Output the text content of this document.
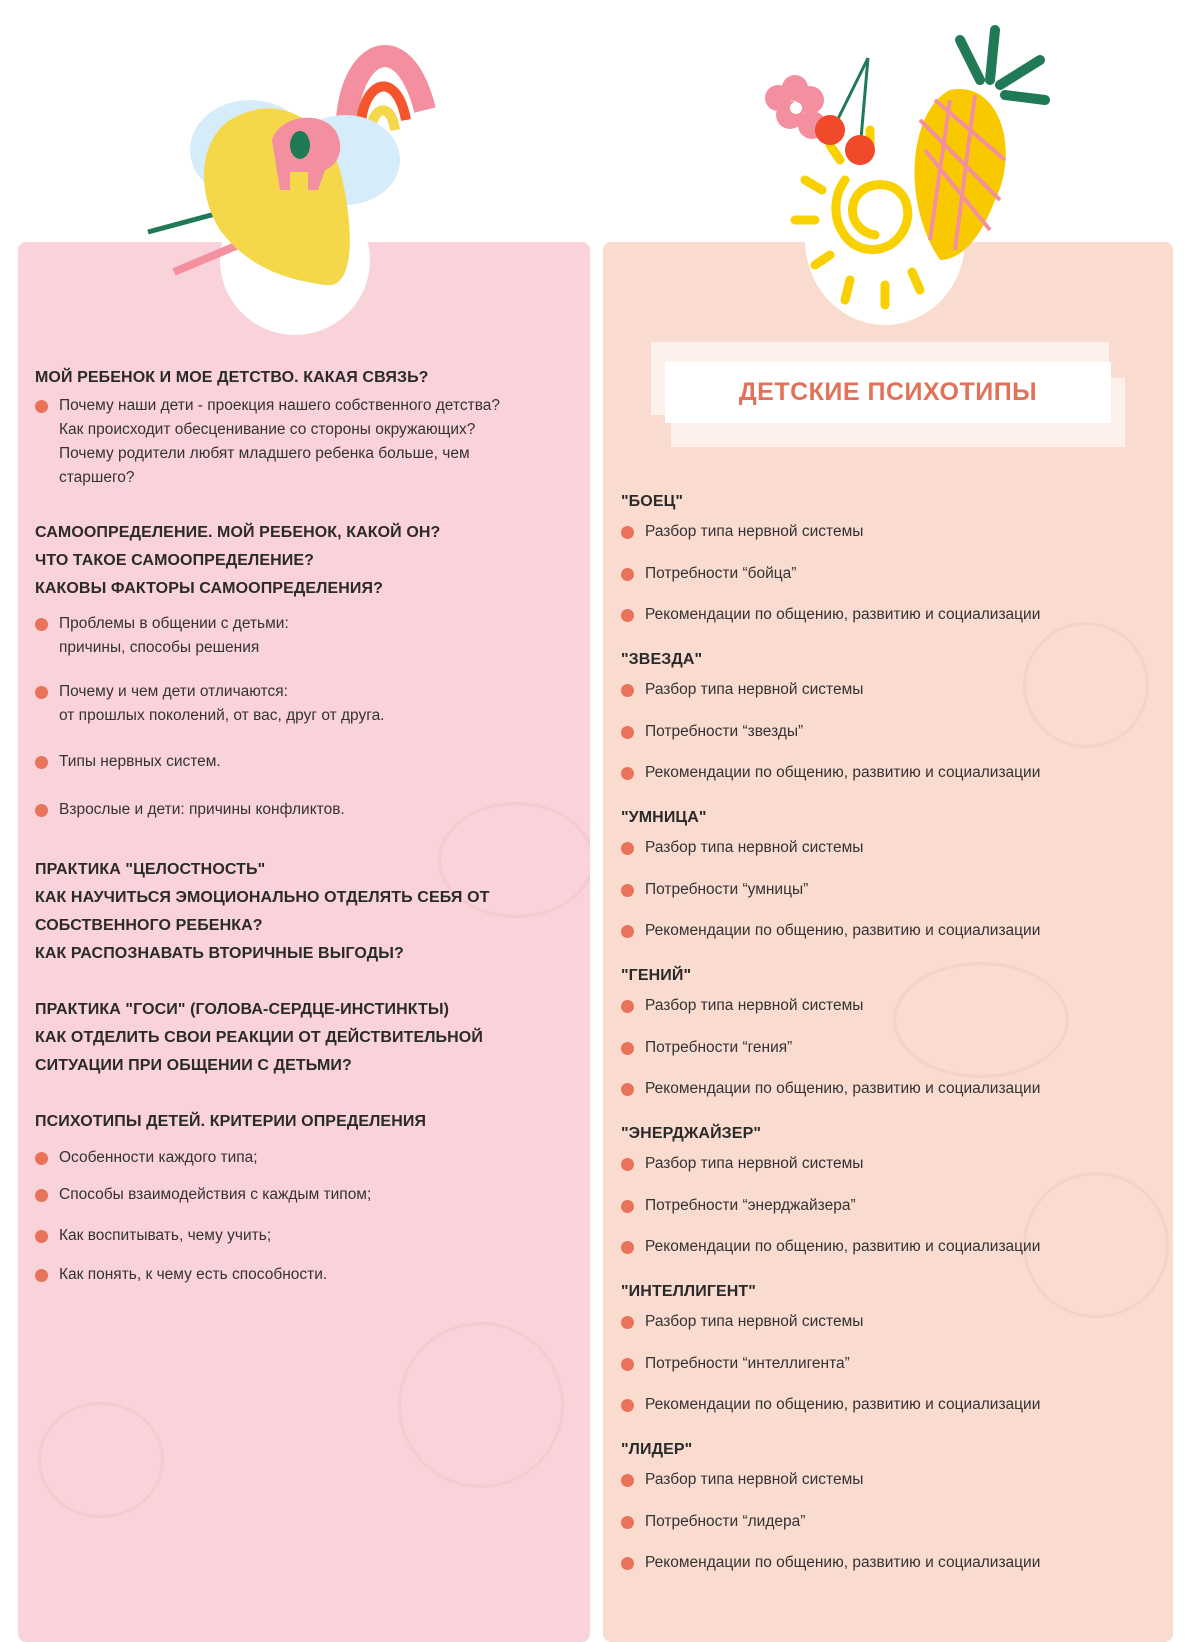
МОЙ РЕБЕНОК И МОЕ ДЕТСТВО. КАКАЯ СВЯЗЬ?
Почему наши дети - проекция нашего собственного детства?
Как происходит обесценивание со стороны окружающих?
Почему родители любят младшего ребенка больше, чем
старшего?
САМООПРЕДЕЛЕНИЕ. МОЙ РЕБЕНОК, КАКОЙ ОН?
ЧТО ТАКОЕ САМООПРЕДЕЛЕНИЕ?
КАКОВЫ ФАКТОРЫ САМООПРЕДЕЛЕНИЯ?
Проблемы в общении с детьми:
причины, способы решения
Почему и чем дети отличаются:
от прошлых поколений, от вас, друг от друга.
Типы нервных систем.
Взрослые и дети: причины конфликтов.
ПРАКТИКА "ЦЕЛОСТНОСТЬ"
КАК НАУЧИТЬСЯ ЭМОЦИОНАЛЬНО ОТДЕЛЯТЬ СЕБЯ ОТ
СОБСТВЕННОГО РЕБЕНКА?
КАК РАСПОЗНАВАТЬ ВТОРИЧНЫЕ ВЫГОДЫ?
ПРАКТИКА "ГОСИ" (ГОЛОВА-СЕРДЦЕ-ИНСТИНКТЫ)
КАК ОТДЕЛИТЬ СВОИ РЕАКЦИИ ОТ ДЕЙСТВИТЕЛЬНОЙ
СИТУАЦИИ ПРИ ОБЩЕНИИ С ДЕТЬМИ?
ПСИХОТИПЫ ДЕТЕЙ. КРИТЕРИИ ОПРЕДЕЛЕНИЯ
Особенности каждого типа;
Способы взаимодействия с каждым типом;
Как воспитывать, чему учить;
Как понять, к чему есть способности.
ДЕТСКИЕ ПСИХОТИПЫ
"БОЕЦ"
Разбор типа нервной системы
Потребности “бойца”
Рекомендации по общению, развитию и социализации
"ЗВЕЗДА"
Разбор типа нервной системы
Потребности “звезды”
Рекомендации по общению, развитию и социализации
"УМНИЦА"
Разбор типа нервной системы
Потребности “умницы”
Рекомендации по общению, развитию и социализации
"ГЕНИЙ"
Разбор типа нервной системы
Потребности “гения”
Рекомендации по общению, развитию и социализации
"ЭНЕРДЖАЙЗЕР"
Разбор типа нервной системы
Потребности “энерджайзера”
Рекомендации по общению, развитию и социализации
"ИНТЕЛЛИГЕНТ"
Разбор типа нервной системы
Потребности “интеллигента”
Рекомендации по общению, развитию и социализации
"ЛИДЕР"
Разбор типа нервной системы
Потребности “лидера”
Рекомендации по общению, развитию и социализации
